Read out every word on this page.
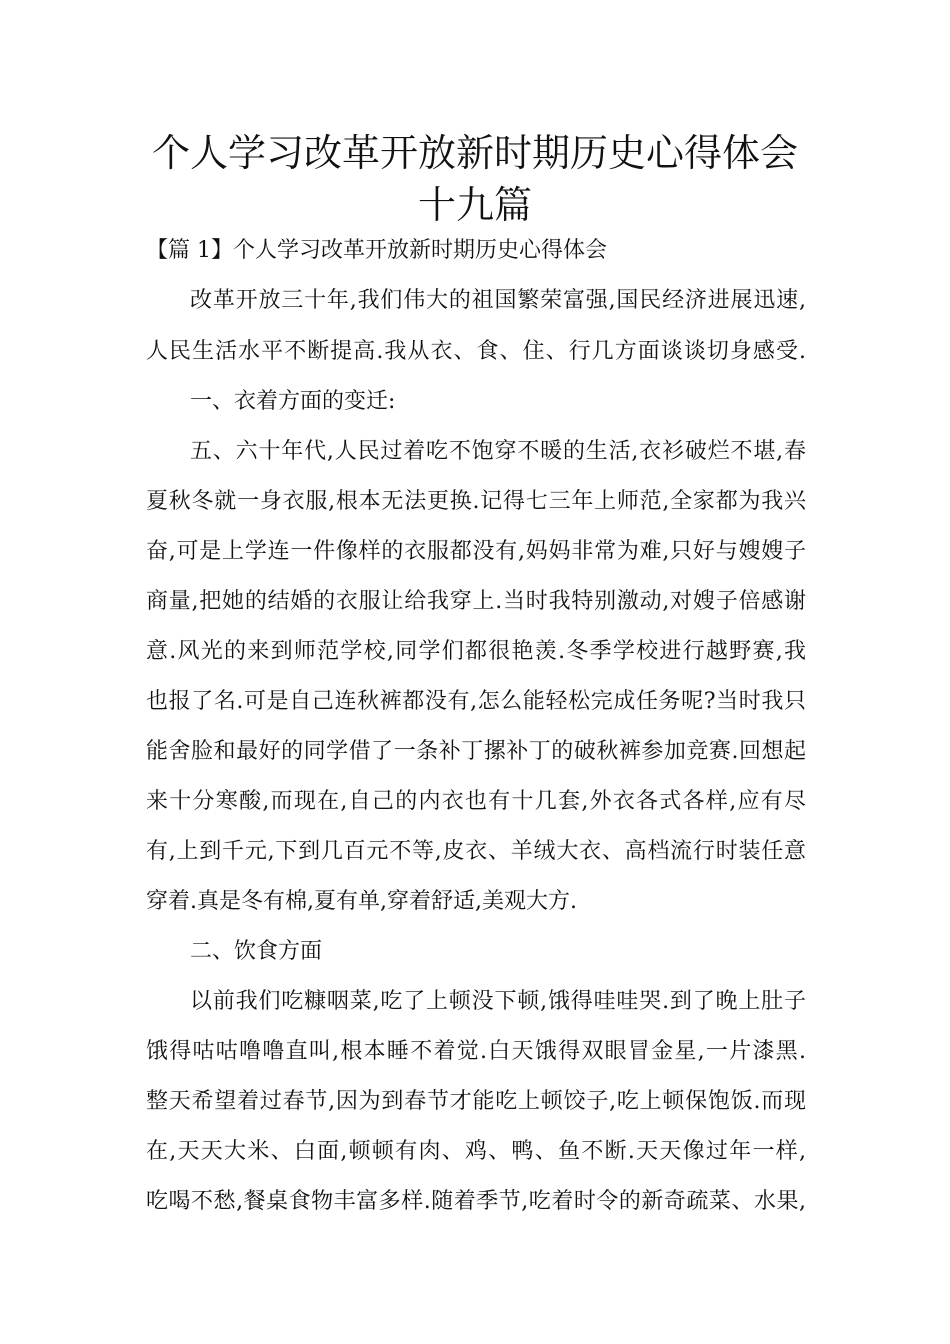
个人学习改革开放新时期历史心得体会
十九篇
【篇 1】个人学习改革开放新时期历史心得体会
改革开放三十年,我们伟大的祖国繁荣富强,国民经济进展迅速,
人民生活水平不断提高.我从衣、食、住、行几方面谈谈切身感受.
一、衣着方面的变迁:
五、六十年代,人民过着吃不饱穿不暖的生活,衣衫破烂不堪,春
夏秋冬就一身衣服,根本无法更换.记得七三年上师范,全家都为我兴
奋,可是上学连一件像样的衣服都没有,妈妈非常为难,只好与嫂嫂子
商量,把她的结婚的衣服让给我穿上.当时我特别激动,对嫂子倍感谢
意.风光的来到师范学校,同学们都很艳羡.冬季学校进行越野赛,我
也报了名.可是自己连秋裤都没有,怎么能轻松完成任务呢?当时我只
能舍脸和最好的同学借了一条补丁摞补丁的破秋裤参加竞赛.回想起
来十分寒酸,而现在,自己的内衣也有十几套,外衣各式各样,应有尽
有,上到千元,下到几百元不等,皮衣、羊绒大衣、高档流行时装任意
穿着.真是冬有棉,夏有单,穿着舒适,美观大方.
二、饮食方面
以前我们吃糠咽菜,吃了上顿没下顿,饿得哇哇哭.到了晚上肚子
饿得咕咕噜噜直叫,根本睡不着觉.白天饿得双眼冒金星,一片漆黑.
整天希望着过春节,因为到春节才能吃上顿饺子,吃上顿保饱饭.而现
在,天天大米、白面,顿顿有肉、鸡、鸭、鱼不断.天天像过年一样,
吃喝不愁,餐桌食物丰富多样.随着季节,吃着时令的新奇疏菜、水果,
